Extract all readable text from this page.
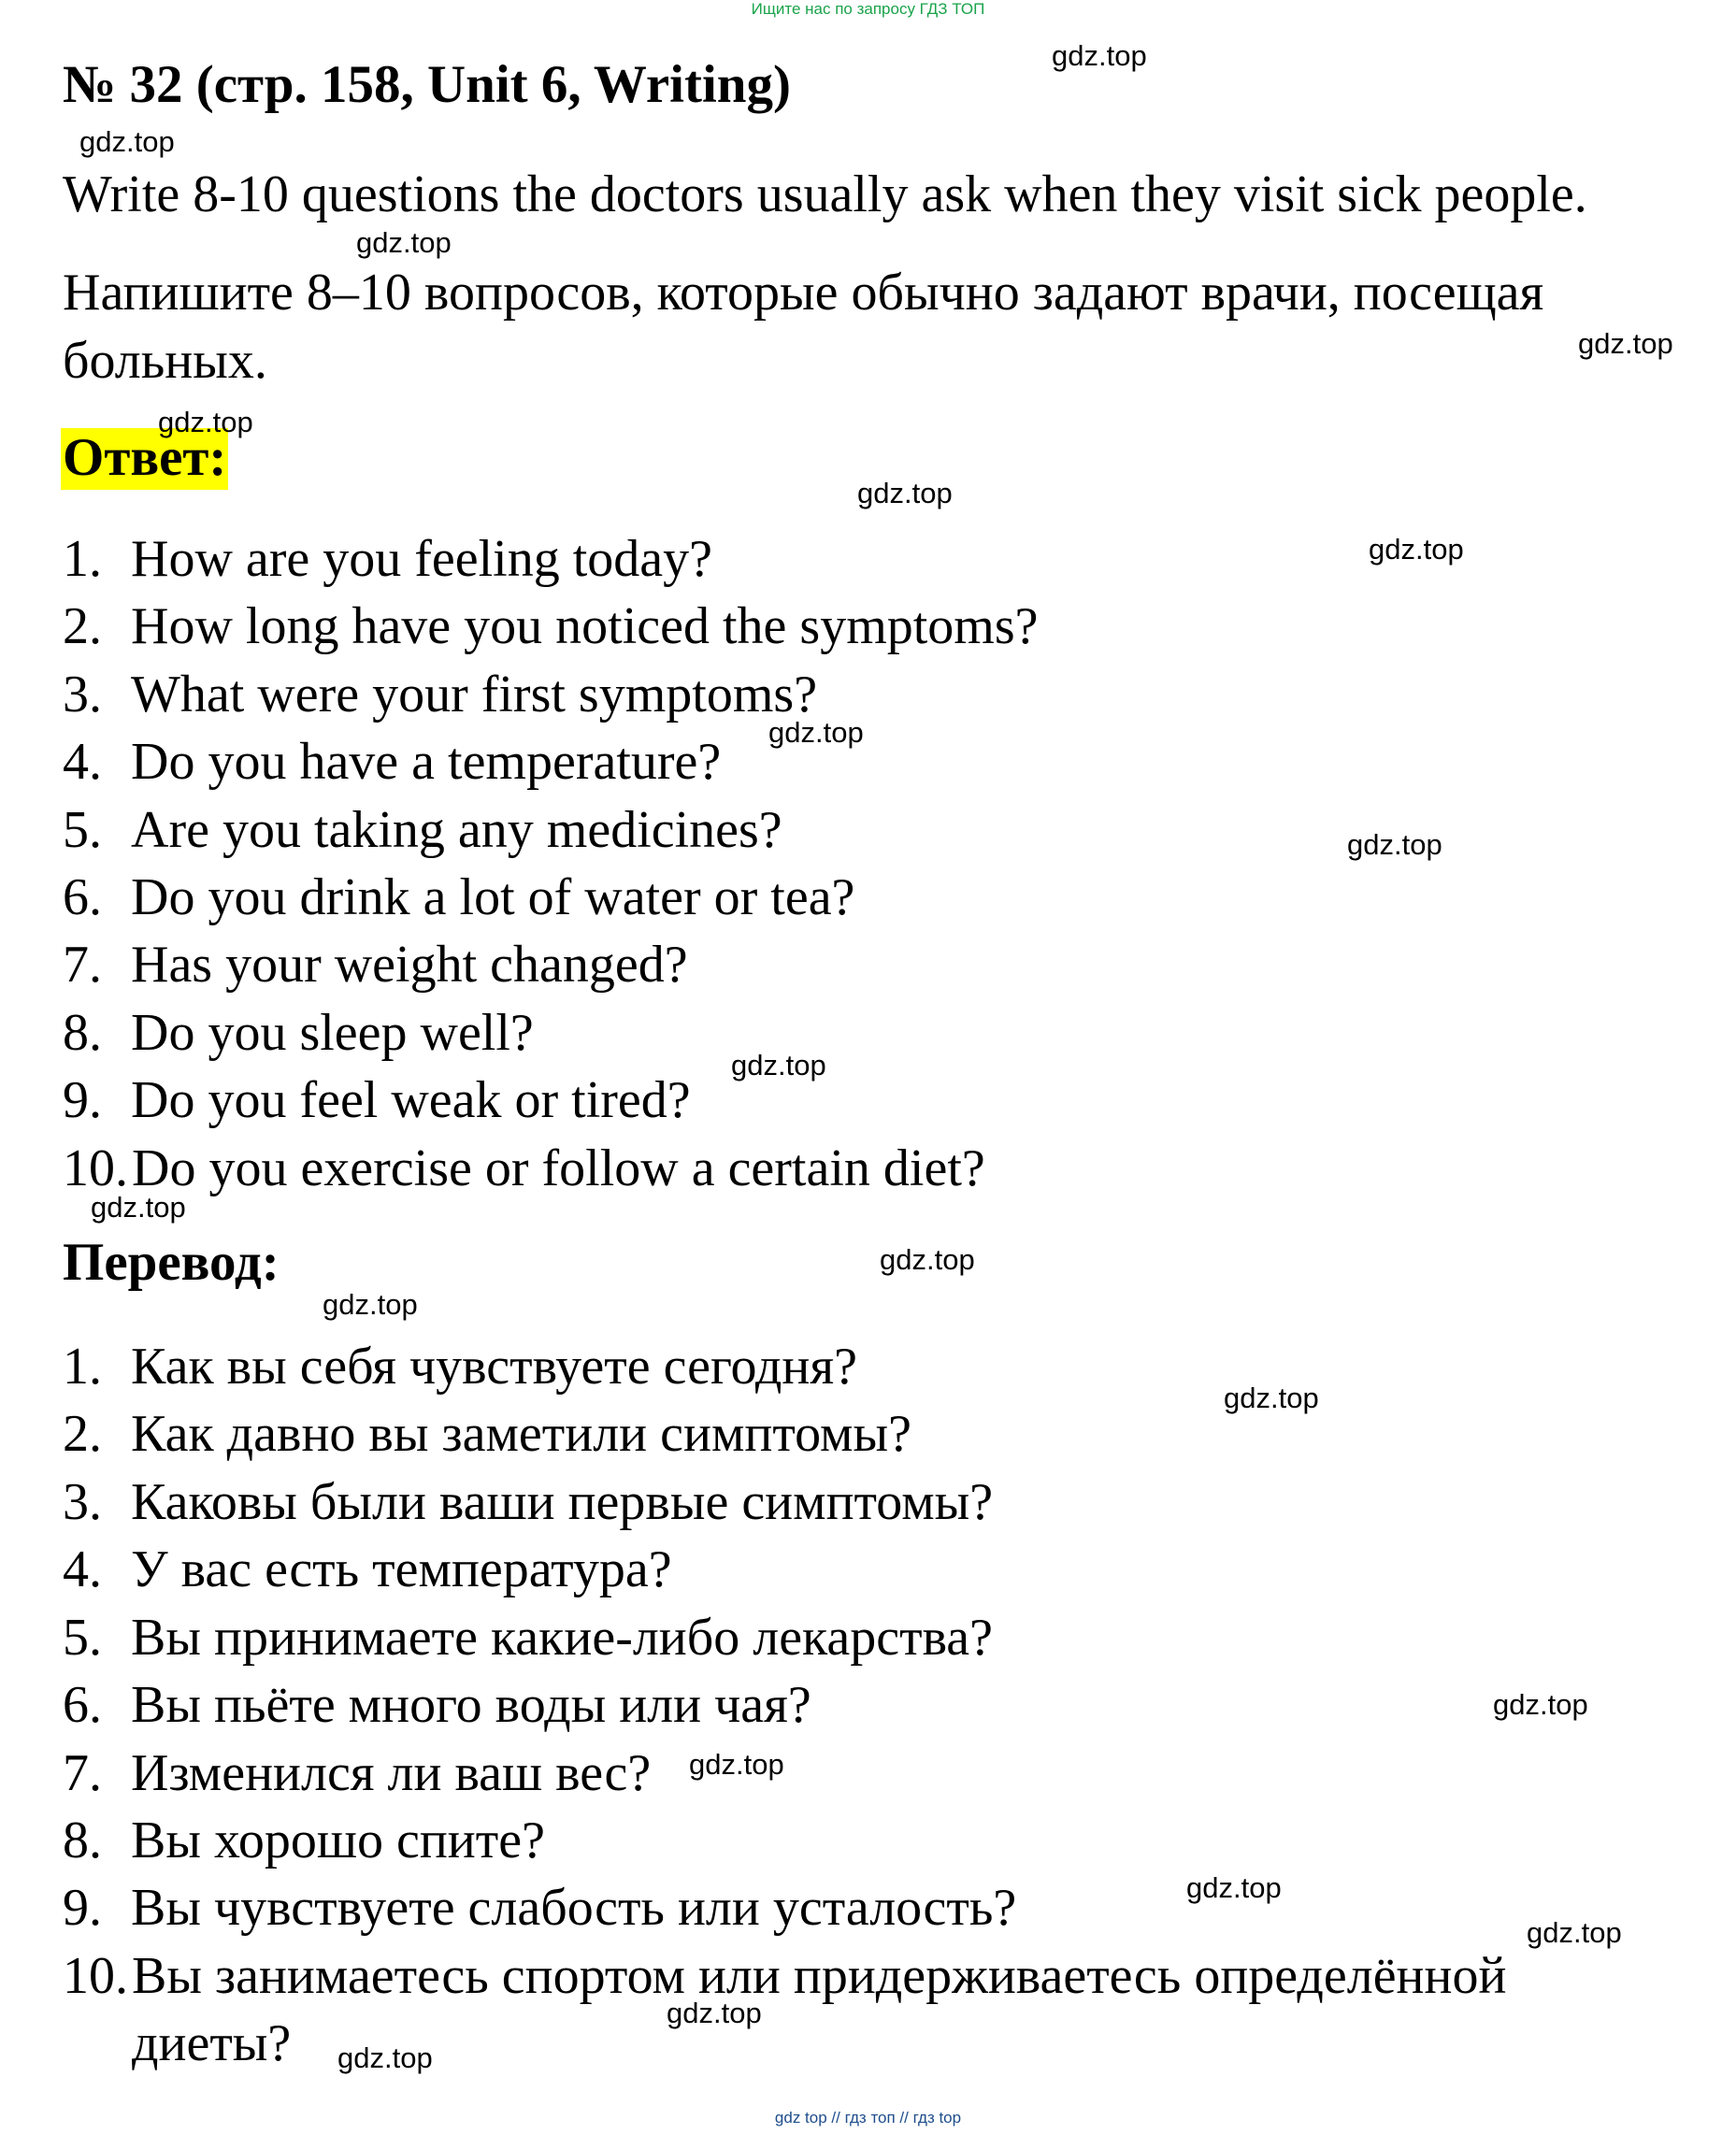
Ищите нас по запросу ГДЗ ТОП
№ 32 (стр. 158, Unit 6, Writing)
Write 8-10 questions the doctors usually ask when they visit sick people.
Напишите 8–10 вопросов, которые обычно задают врачи, посещая
больных.
Ответ:
1. How are you feeling today?
2. How long have you noticed the symptoms?
3. What were your first symptoms?
4. Do you have a temperature?
5. Are you taking any medicines?
6. Do you drink a lot of water or tea?
7. Has your weight changed?
8. Do you sleep well?
9. Do you feel weak or tired?
10.Do you exercise or follow a certain diet?
Перевод:
1. Как вы себя чувствуете сегодня?
2. Как давно вы заметили симптомы?
3. Каковы были ваши первые симптомы?
4. У вас есть температура?
5. Вы принимаете какие-либо лекарства?
6. Вы пьёте много воды или чая?
7. Изменился ли ваш вес?
8. Вы хорошо спите?
9. Вы чувствуете слабость или усталость?
10.Вы занимаетесь спортом или придерживаетесь определённой
диеты?
gdz.top
gdz.top
gdz.top
gdz.top
gdz.top
gdz.top
gdz.top
gdz.top
gdz.top
gdz.top
gdz.top
gdz.top
gdz.top
gdz.top
gdz.top
gdz.top
gdz.top
gdz.top
gdz.top
gdz.top
gdz top // гдз топ // гдз top
